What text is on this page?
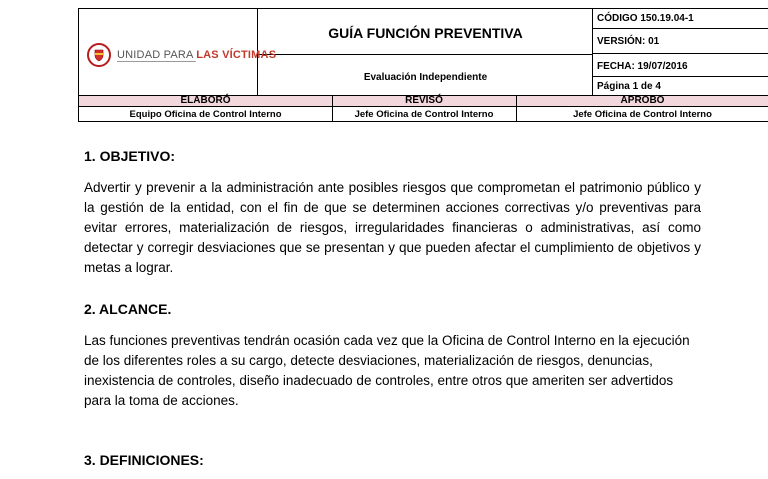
UNIDAD PARA LAS VÍCTIMAS
GUÍA FUNCIÓN PREVENTIVA
Evaluación Independiente
CÓDIGO 150.19.04-1
VERSIÓN: 01
FECHA: 19/07/2016
Página 1 de 4
ELABORÓ	REVISÓ	APROBO
Equipo Oficina de Control Interno	Jefe Oficina de Control Interno	Jefe Oficina de Control Interno
1. OBJETIVO:
Advertir y prevenir a la administración ante posibles riesgos que comprometan el patrimonio público y la gestión de la entidad, con el fin de que se determinen acciones correctivas y/o preventivas para evitar errores, materialización de riesgos, irregularidades financieras o administrativas, así como detectar y corregir desviaciones que se presentan y que pueden afectar el cumplimiento de objetivos y metas a lograr.
2. ALCANCE.
Las funciones preventivas tendrán ocasión cada vez que la Oficina de Control Interno en la ejecución de los diferentes roles a su cargo, detecte desviaciones, materialización de riesgos, denuncias, inexistencia de controles, diseño inadecuado de controles, entre otros que ameriten ser advertidos para la toma de acciones.
3. DEFINICIONES:
